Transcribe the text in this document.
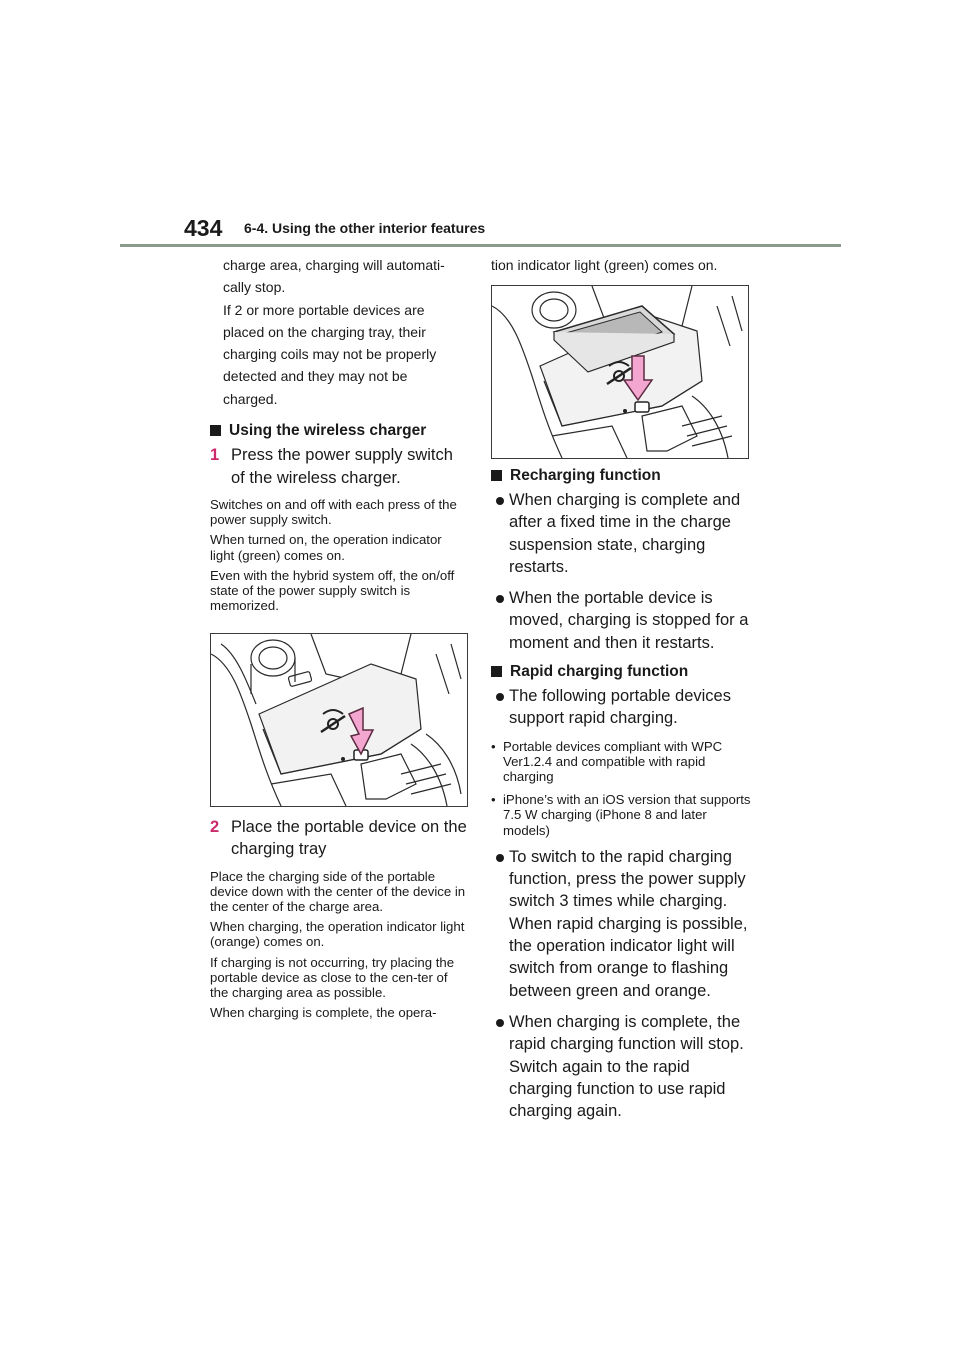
434 6-4. Using the other interior features

charge area, charging will automati-

cally stop.

If 2 or more portable devices are

placed on the charging tray, their

charging coils may not be properly

detected and they may not be

charged.

Using the wireless charger
1 Press the power supply switch of the wireless charger.

Switches on and off with each press of the power supply switch.

When turned on, the operation indicator light (green) comes on.

Even with the hybrid system off, the on/off state of the power supply switch is memorized.

2 Place the portable device on the charging tray

Place the charging side of the portable device down with the center of the device in the center of the charge area.

When charging, the operation indicator light (orange) comes on.

If charging is not occurring, try placing the portable device as close to the cen-ter of the charging area as possible.

When charging is complete, the opera-

tion indicator light (green) comes on.

Recharging function
When charging is complete and after a fixed time in the charge suspension state, charging restarts.
When the portable device is moved, charging is stopped for a moment and then it restarts.
Rapid charging function
The following portable devices support rapid charging.
• Portable devices compliant with WPC Ver1.2.4 and compatible with rapid charging
• iPhone’s with an iOS version that supports 7.5 W charging (iPhone 8 and later models)
To switch to the rapid charging function, press the power supply switch 3 times while charging. When rapid charging is possible, the operation indicator light will switch from orange to flashing between green and orange.
When charging is complete, the rapid charging function will stop. Switch again to the rapid charging function to use rapid charging again.
